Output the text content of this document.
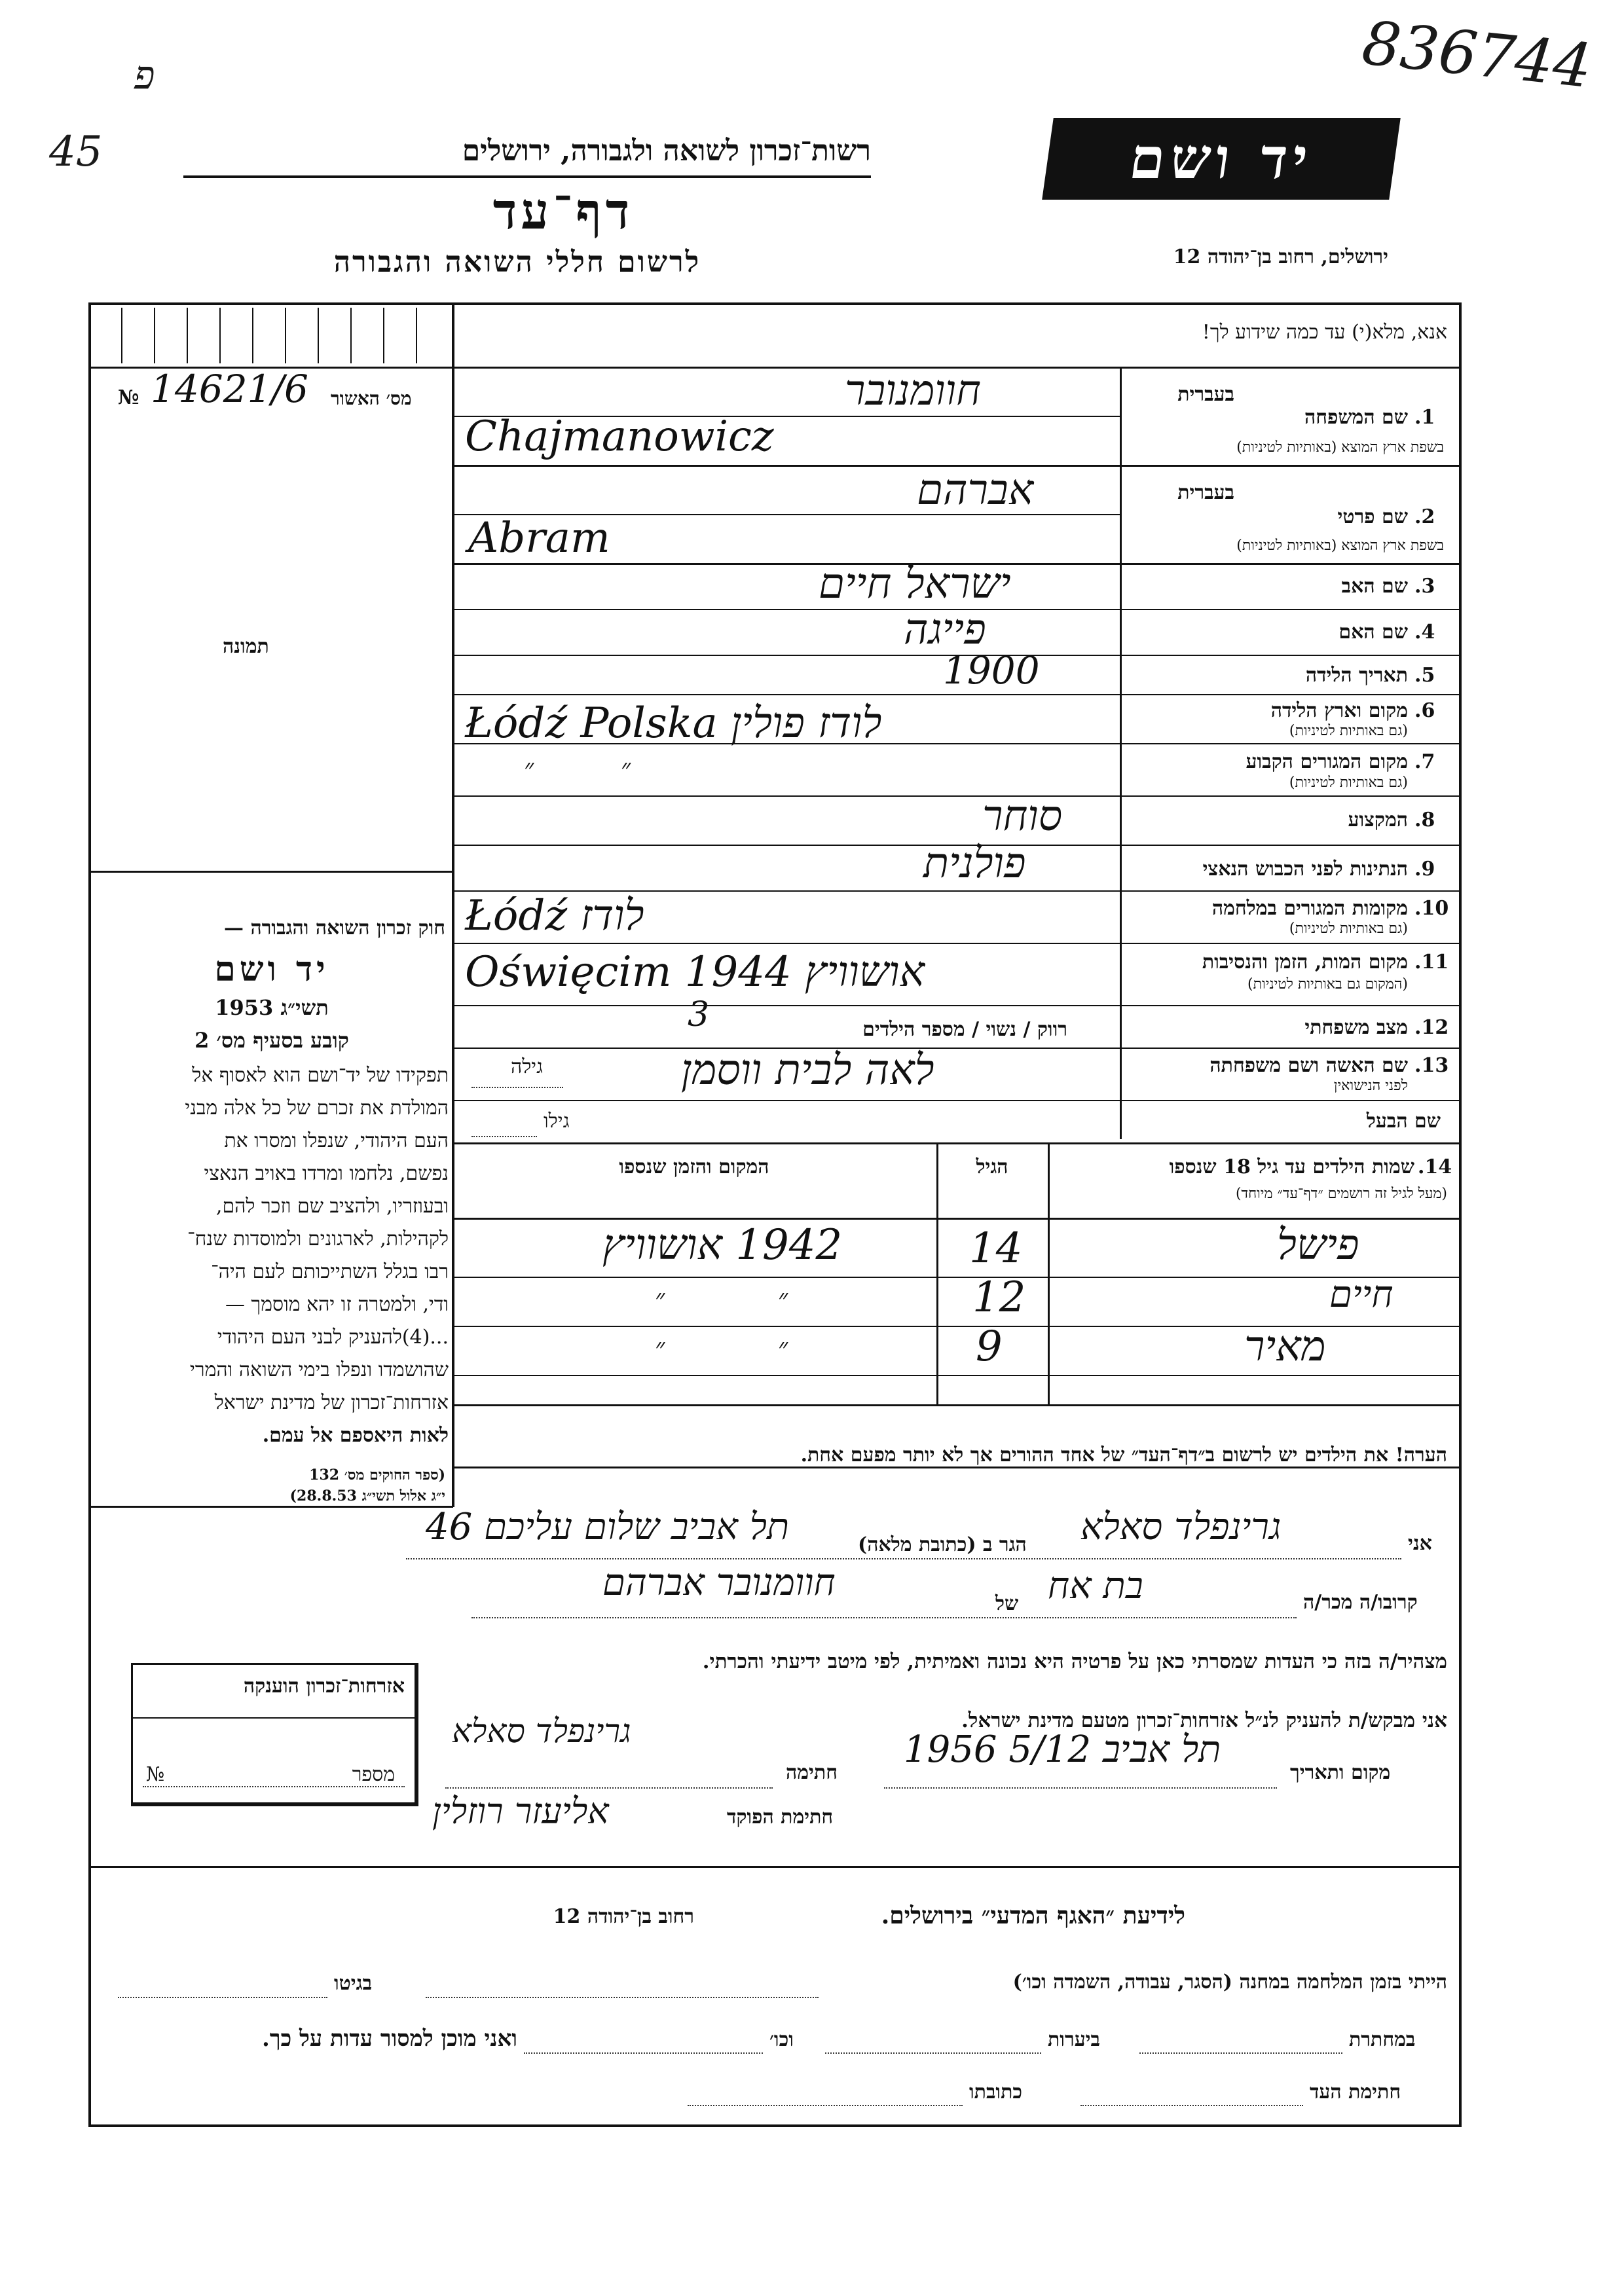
45
פ	836744
רשות־זכרון לשואה ולגבורה, ירושלים
דף־עד
לרשום חללי השואה והגבורה
יד ושם
ירושלים, רחוב בן־יהודה 12
№ 14621/6 מס׳ האשור
תמונה
חוק זכרון השואה והגבורה —
יד ושם
תשי״ג 1953
קובע בסעיף מס׳ 2
תפקידו של יד־ושם הוא לאסוף אל
המולדת את זכרם של כל אלה מבני
העם היהודי, שנפלו ומסרו את
נפשם, נלחמו ומרדו באויב הנאצי
ובעוזריו, ולהציב שם וזכר להם,
לקהילות, לארגונים ולמוסדות שנח־
רבו בגלל השתייכותם לעם היה־
ודי, ולמטרה זו יהא מוסמך —
...(4)להעניק לבני העם היהודי
שהושמדו ונפלו בימי השואה והמרי
אזרחות־זכרון של מדינת ישראל
לאות היאספם אל עמם.
(ספר החוקים מס׳ 132
י״ג אלול תשי״ג 28.8.53)
אנא, מלא(י) עד כמה שידוע לך!
בעברית
שם המשפחה 1.
בשפת ארץ המוצא (באותיות לטיניות)
חוומנובר
Chajmanowicz
בעברית
שם פרטי 2.
בשפת ארץ המוצא (באותיות לטיניות)
אברהם
Abram
שם האב 3.
ישראל חיים
שם האם 4.
פייגה
תאריך הלידה 5.
1900
מקום וארץ הלידה 6.
(גם באותיות לטיניות)
Łódź Polska לודז פולין
מקום המגורים הקבוע 7.
(גם באותיות לטיניות)
״ ״
המקצוע 8.
סוחר
הנתינות לפני הכבוש הנאצי 9.
פולנית
מקומות המגורים במלחמה 10.
(גם באותיות לטיניות)
Łódź לודז
מקום המות, הזמן והנסיבות 11.
(המקום גם באותיות לטיניות)
Oświęcim 1944 אושוויץ
מצב משפחתי 12.
רווק / נשוי / מספר הילדים
3
שם האשה ושם משפחתה 13.
לפני הנישואין
גילה	לאה לבית ווסמן
שם הבעל
גילו
14.
שמות הילדים עד גיל 18 שנספו
(מעל לגיל זה רושמים ״דף־עד״ מיוחד)
הגיל
המקום והזמן שנספו
פישל
14
1942 אושוויץ
חיים
12
״ ״
מאיר
9
״ ״
הערה! את הילדים יש לרשום ב״דף־העד״ של אחד ההורים אך לא יותר מפעם אחת.
אני
גרינפלד סאלא
הגר ב (כתובת מלאה)
תל אביב שלום עליכם 46
קרובו/ה מכר/ה
בת אח
של
חוומנובר אברהם
מצהיר/ה בזה כי העדות שמסרתי כאן על פרטיה היא נכונה ואמיתית, לפי מיטב ידיעתי והכרתי.
אזרחות־זכרון הוענקה
מספר
№
אני מבקש/ת להעניק לנ״ל אזרחות־זכרון מטעם מדינת ישראל.
מקום ותאריך
תל אביב 5/12 1956
חתימה
גרינפלד סאלא
חתימת הפוקד
אליעזר רוזלין
לידיעת ״האגף המדעי״ בירושלים.
רחוב בן־יהודה 12
הייתי בזמן המלחמה במחנה (הסגר, עבודה, השמדה וכו׳)
בגיטו
במחתרת
ביערות
וכו׳
ואני מוכן למסור עדות על כך.
חתימת העד
כתובתו
